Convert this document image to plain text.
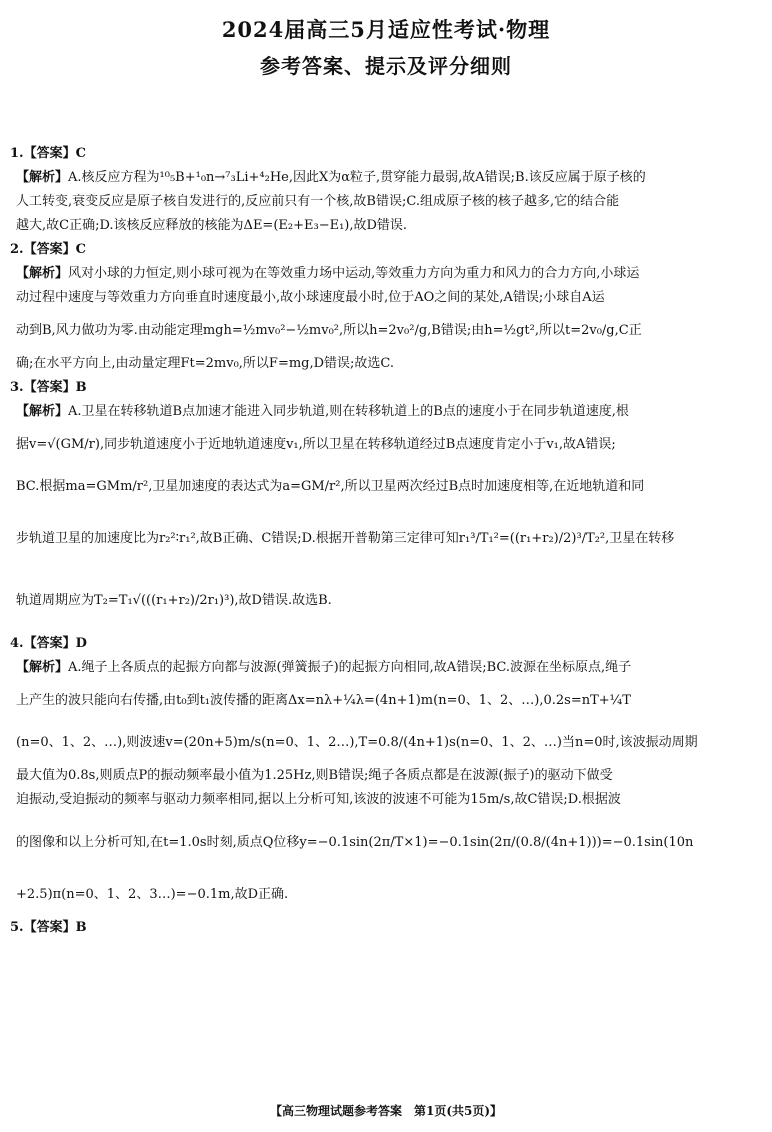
2024届高三5月适应性考试·物理
参考答案、提示及评分细则
1.【答案】C
【解析】A.核反应方程为¹⁰₅B+¹₀n→⁷₃Li+⁴₂He,因此X为α粒子,贯穿能力最弱,故A错误;B.该反应属于原子核的
人工转变,衰变反应是原子核自发进行的,反应前只有一个核,故B错误;C.组成原子核的核子越多,它的结合能
越大,故C正确;D.该核反应释放的核能为ΔE=(E₂+E₃−E₁),故D错误.
2.【答案】C
【解析】风对小球的力恒定,则小球可视为在等效重力场中运动,等效重力方向为重力和风力的合力方向,小球运
动过程中速度与等效重力方向垂直时速度最小,故小球速度最小时,位于AO之间的某处,A错误;小球自A运

动到B,风力做功为零.由动能定理mgh=½mv₀²−½mv₀²,所以h=2v₀²/g,B错误;由h=½gt²,所以t=2v₀/g,C正
确;在水平方向上,由动量定理Ft=2mv₀,所以F=mg,D错误;故选C.
3.【答案】B
【解析】A.卫星在转移轨道B点加速才能进入同步轨道,则在转移轨道上的B点的速度小于在同步轨道速度,根

据v=√(GM/r),同步轨道速度小于近地轨道速度v₁,所以卫星在转移轨道经过B点速度肯定小于v₁,故A错误;
BC.根据ma=GMm/r²,卫星加速度的表达式为a=GM/r²,所以卫星两次经过B点时加速度相等,在近地轨道和同
步轨道卫星的加速度比为r₂²∶r₁²,故B正确、C错误;D.根据开普勒第三定律可知r₁³/T₁²=((r₁+r₂)/2)³/T₂²,卫星在转移
轨道周期应为T₂=T₁√(((r₁+r₂)/2r₁)³),故D错误.故选B.
4.【答案】D
【解析】A.绳子上各质点的起振方向都与波源(弹簧振子)的起振方向相同,故A错误;BC.波源在坐标原点,绳子

上产生的波只能向右传播,由t₀到t₁波传播的距离Δx=nλ+¼λ=(4n+1)m(n=0、1、2、…),0.2s=nT+¼T
(n=0、1、2、…),则波速v=(20n+5)m/s(n=0、1、2…),T=0.8/(4n+1)s(n=0、1、2、…)当n=0时,该波振动周期
最大值为0.8s,则质点P的振动频率最小值为1.25Hz,则B错误;绳子各质点都是在波源(振子)的驱动下做受
迫振动,受迫振动的频率与驱动力频率相同,据以上分析可知,该波的波速不可能为15m/s,故C错误;D.根据波

的图像和以上分析可知,在t=1.0s时刻,质点Q位移y=−0.1sin(2π/T×1)=−0.1sin(2π/(0.8/(4n+1)))=−0.1sin(10n
+2.5)π(n=0、1、2、3…)=−0.1m,故D正确.
5.【答案】B
【高三物理试题参考答案　第1页(共5页)】
